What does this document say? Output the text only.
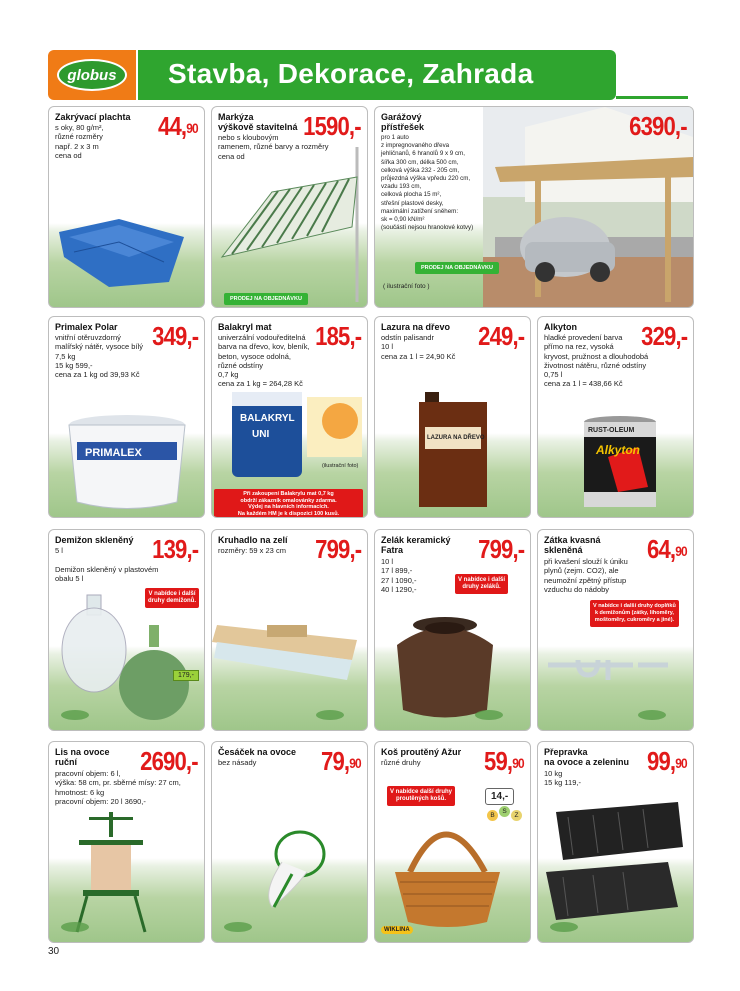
globus	Stavba, Dekorace, Zahrada
Zakrývací plachta
s oky, 80 g/m²,
různé rozměry
např. 2 x 3 m
cena od
44,90
Markýza
výškově stavitelná
nebo s kloubovým
ramenem, různé barvy a rozměry
cena od
1590,-
PRODEJ NA OBJEDNÁVKU
Garážový
přístřešek
pro 1 auto
z impregnovaného dřeva
jehličnanů, 6 hranolů 9 x 9 cm,
šířka 300 cm, délka 500 cm,
celková výška 232 - 205 cm,
průjezdná výška vpředu 220 cm,
vzadu 193 cm,
celková plocha 15 m²,
střešní plastové desky,
maximální zatížení sněhem:
sk = 0,90 kN/m²
(součástí nejsou hranolové kotvy)
6390,-
PRODEJ NA OBJEDNÁVKU
( ilustrační foto )
Primalex Polar
vnitřní otěruvzdorný
malířský nátěr, vysoce bílý
7,5 kg
15 kg 599,-
cena za 1 kg od 39,93 Kč
349,-
PRIMALEX
Balakryl mat
univerzální vodouředitelná
barva na dřevo, kov, bleník,
beton, vysoce odolná,
různé odstíny
0,7 kg
cena za 1 kg = 264,28 Kč
185,-
BALAKRYL
UNI
(ilustrační foto)
Při zakoupení Balakrylu mat 0,7 kg
obdrží zákazník omalovánky zdarma.
Výdej na hlavních informacích.
Na každém HM je k dispozici 100 kusů.
Lazura na dřevo
odstín palisandr
10 l
cena za 1 l = 24,90 Kč
249,-
LAZURA NA DŘEVO
Alkyton
hladké provedení barva
přímo na rez, vysoká
kryvost, pružnost a dlouhodobá
životnost nátěru, různé odstíny
0,75 l
cena za 1 l = 438,66 Kč
329,-
RUST-OLEUM
Alkyton
Demižon skleněný
5 l

Demižon skleněný v plastovém
obalu 5 l
139,-
V nabídce i další
druhy demižonů.
179,-
Kruhadlo na zelí
rozměry: 59 x 23 cm 799,- Zelák keramický
Fatra
10 l
17 l 899,-
27 l 1090,-
40 l 1290,-
799,-
V nabídce i další
druhy zeláků.
Zátka kvasná
skleněná
při kvašení slouží k úniku
plynů (zejm. CO2), ale
neumožní zpětný přístup
vzduchu do nádoby
64,90
V nabídce i další druhy doplňků
k demižonům (zátky, lihoměry,
moštoměry, cukroměry a jiné).
Lis na ovoce
ruční
pracovní objem: 6 l,
výška: 58 cm, pr. sběrné mísy: 27 cm,
hmotnost: 6 kg
pracovní objem: 20 l 3690,-
2690,- Česáček na ovoce
bez násady 79,90
Koš proutěný Ažur
různé druhy 59,90
V nabídce další druhy
proutěných košů.	14,-
B
S
Z
WIKLINA
Přepravka
na ovoce a zeleninu
10 kg
15 kg 119,-
99,90
30
